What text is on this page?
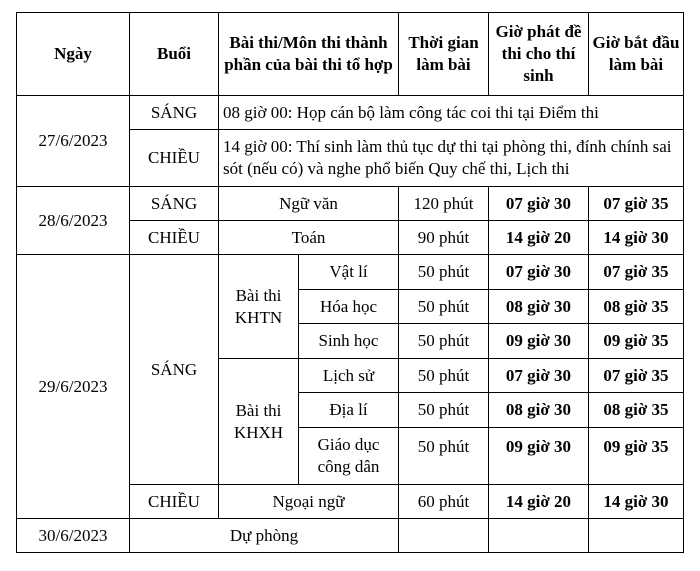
Ngày	Buổi	Bài thi/Môn thi thành phần của bài thi tổ hợp		Thời gian làm bài	Giờ phát đề thi cho thí sinh	Giờ bắt đầu làm bài
27/6/2023	SÁNG	08 giờ 00: Họp cán bộ làm công tác coi thi tại Điểm thi				
	CHIỀU	14 giờ 00: Thí sinh làm thủ tục dự thi tại phòng thi, đính chính sai sót (nếu có) và nghe phổ biến Quy chế thi, Lịch thi				
28/6/2023	SÁNG	Ngữ văn		120 phút	07 giờ 30	07 giờ 35
	CHIỀU	Toán		90 phút	14 giờ 20	14 giờ 30
29/6/2023	SÁNG	Bài thi KHTN	Vật lí	50 phút	07 giờ 30	07 giờ 35
			Hóa học	50 phút	08 giờ 30	08 giờ 35
			Sinh học	50 phút	09 giờ 30	09 giờ 35
		Bài thi KHXH	Lịch sử	50 phút	07 giờ 30	07 giờ 35
			Địa lí	50 phút	08 giờ 30	08 giờ 35
			Giáo dục công dân	50 phút	09 giờ 30	09 giờ 35
	CHIỀU	Ngoại ngữ		60 phút	14 giờ 20	14 giờ 30
30/6/2023	Dự phòng					
